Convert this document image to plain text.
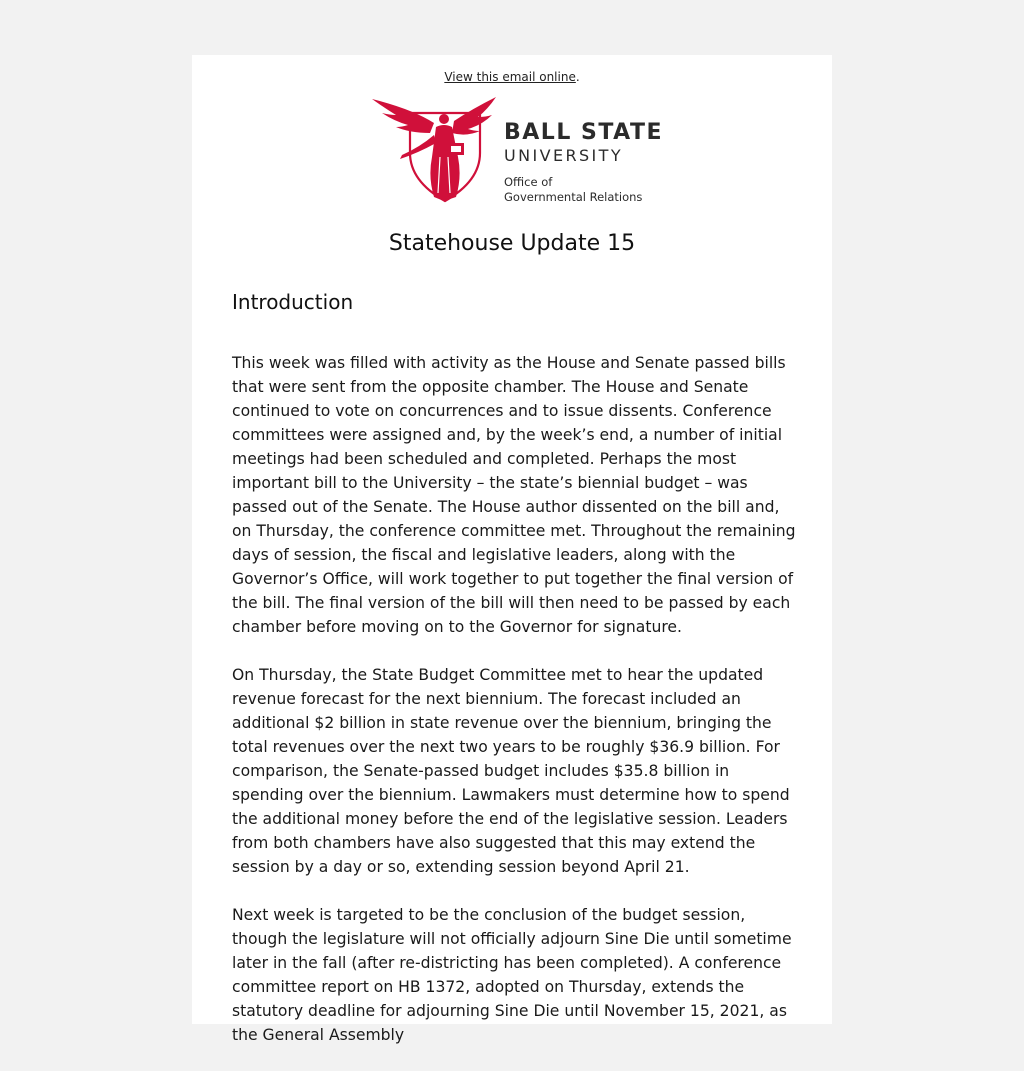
View this email online.
BALL STATE
UNIVERSITY
Office of
Governmental Relations
Statehouse Update 15
Introduction

This week was filled with activity as the House and Senate passed bills that were sent from the opposite chamber. The House and Senate continued to vote on concurrences and to issue dissents. Conference committees were assigned and, by the week’s end, a number of initial meetings had been scheduled and completed. Perhaps the most important bill to the University – the state’s biennial budget – was passed out of the Senate. The House author dissented on the bill and, on Thursday, the conference committee met. Throughout the remaining days of session, the fiscal and legislative leaders, along with the Governor’s Office, will work together to put together the final version of the bill. The final version of the bill will then need to be passed by each chamber before moving on to the Governor for signature.

On Thursday, the State Budget Committee met to hear the updated revenue forecast for the next biennium. The forecast included an additional $2 billion in state revenue over the biennium, bringing the total revenues over the next two years to be roughly $36.9 billion. For comparison, the Senate-passed budget includes $35.8 billion in spending over the biennium. Lawmakers must determine how to spend the additional money before the end of the legislative session. Leaders from both chambers have also suggested that this may extend the session by a day or so, extending session beyond April 21.

Next week is targeted to be the conclusion of the budget session, though the legislature will not officially adjourn Sine Die until sometime later in the fall (after re-districting has been completed). A conference committee report on HB 1372, adopted on Thursday, extends the statutory deadline for adjourning Sine Die until November 15, 2021, as the General Assembly
